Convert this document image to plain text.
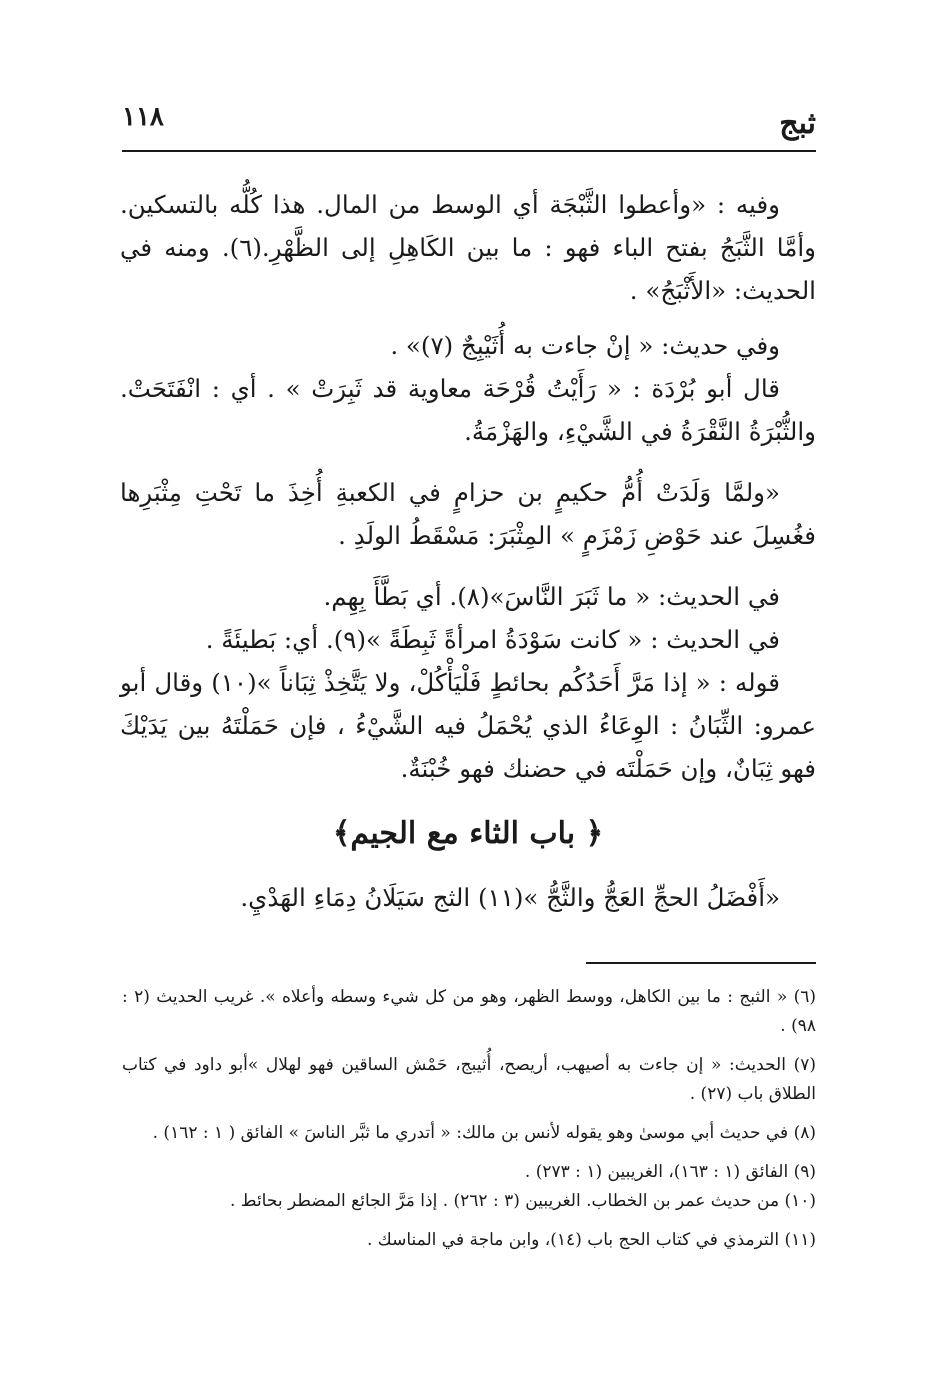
ثبج
١١٨

وفيه : «وأعطوا الثَّبْجَة أي الوسط من المال. هذا كُلُّه بالتسكين. وأمَّا الثَّبَجُ بفتح الباء فهو : ما بين الكَاهِلِ إلى الظَّهْرِ.(٦). ومنه في الحديث: «الأَثْبَجُ» .

وفي حديث: « إنْ جاءت به أُثَيْبِجٌ (٧)» .

قال أبو بُرْدَة : « رَأَيْتُ قُرْحَة معاوية قد ثَبِرَتْ » . أي : انْفَتَحَتْ. والثُّبْرَةُ النَّقْرَةُ في الشَّيْءِ، والهَزْمَةُ.

«ولمَّا وَلَدَتْ أُمُّ حكيمٍ بن حزامٍ في الكعبةِ أُخِذَ ما تَحْتِ مِثْبَرِها فغُسِلَ عند حَوْضِ زَمْزَمٍ » المِثْبَرَ: مَسْقَطُ الولَدِ .

في الحديث: « ما ثَبَرَ النَّاسَ»(٨). أي بَطَّأَ بِهِم.

في الحديث : « كانت سَوْدَةُ امرأةً ثَبِطَةً »(٩). أي: بَطيئَةً .

قوله : « إذا مَرَّ أَحَدُكُم بحائطٍ فَلْيَأْكُلْ، ولا يَتَّخِذْ ثِبَاناً »(١٠) وقال أبو عمرو: الثِّبَانُ : الوِعَاءُ الذي يُحْمَلُ فيه الشَّيْءُ ، فإن حَمَلْتَهُ بين يَدَيْكَ فهو ثِبَانٌ، وإن حَمَلْتَه في حضنك فهو خُبْنَةٌ.

﴿ باب الثاء مع الجيم﴾

«أَفْضَلُ الحجِّ العَجُّ والثَّجُّ »(١١) الثج سَيَلَانُ دِمَاءِ الهَدْيِ.

(٦) « الثبج : ما بين الكاهل، ووسط الظهر، وهو من كل شيء وسطه وأعلاه ». غريب الحديث (٢ : ٩٨) .

(٧) الحديث: « إن جاءت به أصيهب، أريصح، أُثيبج، حَمْش الساقين فهو لهلال »أبو داود في كتاب الطلاق باب (٢٧) .

(٨) في حديث أبي موسىٰ وهو يقوله لأنس بن مالك: « أتدري ما ثبَّر الناسَ » الفائق ( ١ : ١٦٢) .

(٩) الفائق (١ : ١٦٣)، الغريبين (١ : ٢٧٣) .

(١٠) من حديث عمر بن الخطاب. الغريبين (٣ : ٢٦٢) . إذا مَرَّ الجائع المضطر بحائط .

(١١) الترمذي في كتاب الحج باب (١٤)، وابن ماجة في المناسك .
